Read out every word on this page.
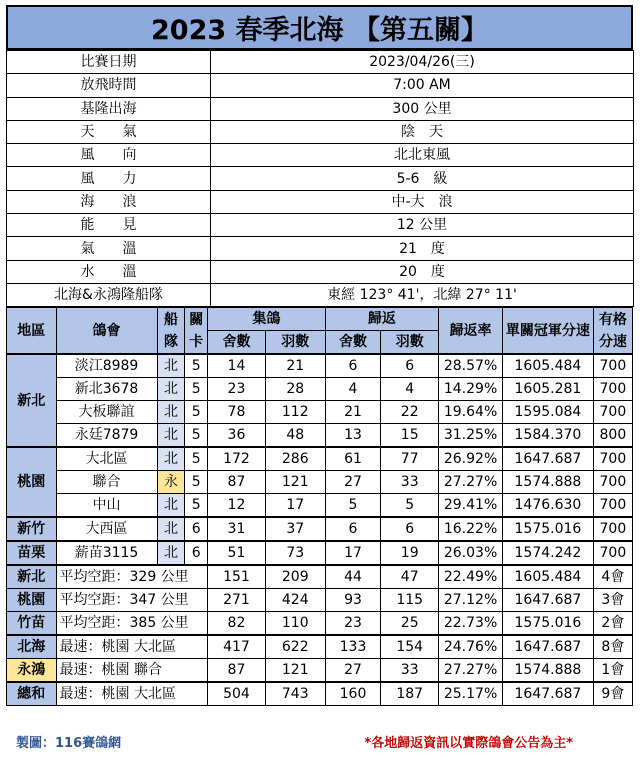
2023 春季北海 【第五關】
比賽日期	2023/04/26(三)
放飛時間	7:00 AM
基隆出海	300 公里
天　　氣	陰　天
風　　向	北北東風
風　　力	5-6　級
海　　浪	中-大　浪
能　　見	12 公里
氣　　溫	21　度
水　　溫	20　度
北海&永鴻隆船隊	東經 123° 41'，北緯 27° 11'
地區	鴿會	船隊	關卡	集鴿		歸返		歸返率	單關冠軍分速	有格分速
				舍數	羽數	舍數	羽數			
新北	淡江8989	北	5	14	21	6	6	28.57%	1605.484	700
	新北3678	北	5	23	28	4	4	14.29%	1605.281	700
	大板聯誼	北	5	78	112	21	22	19.64%	1595.084	700
	永廷7879	北	5	36	48	13	15	31.25%	1584.370	800
桃園	大北區	北	5	172	286	61	77	26.92%	1647.687	700
	聯合	永	5	87	121	27	33	27.27%	1574.888	700
	中山	北	5	12	17	5	5	29.41%	1476.630	700
新竹	大西區	北	6	31	37	6	6	16.22%	1575.016	700
苗栗	薪苗3115	北	6	51	73	17	19	26.03%	1574.242	700
新北	平均空距：329 公里			151	209	44	47	22.49%	1605.484	4會
桃園	平均空距：347 公里			271	424	93	115	27.12%	1647.687	3會
竹苗	平均空距：385 公里			82	110	23	25	22.73%	1575.016	2會
北海	最速：桃園 大北區			417	622	133	154	24.76%	1647.687	8會
永鴻	最速：桃園 聯合			87	121	27	33	27.27%	1574.888	1會
總和	最速：桃園 大北區			504	743	160	187	25.17%	1647.687	9會
製圖：116賽鴿網	*各地歸返資訊以實際鴿會公告為主*
